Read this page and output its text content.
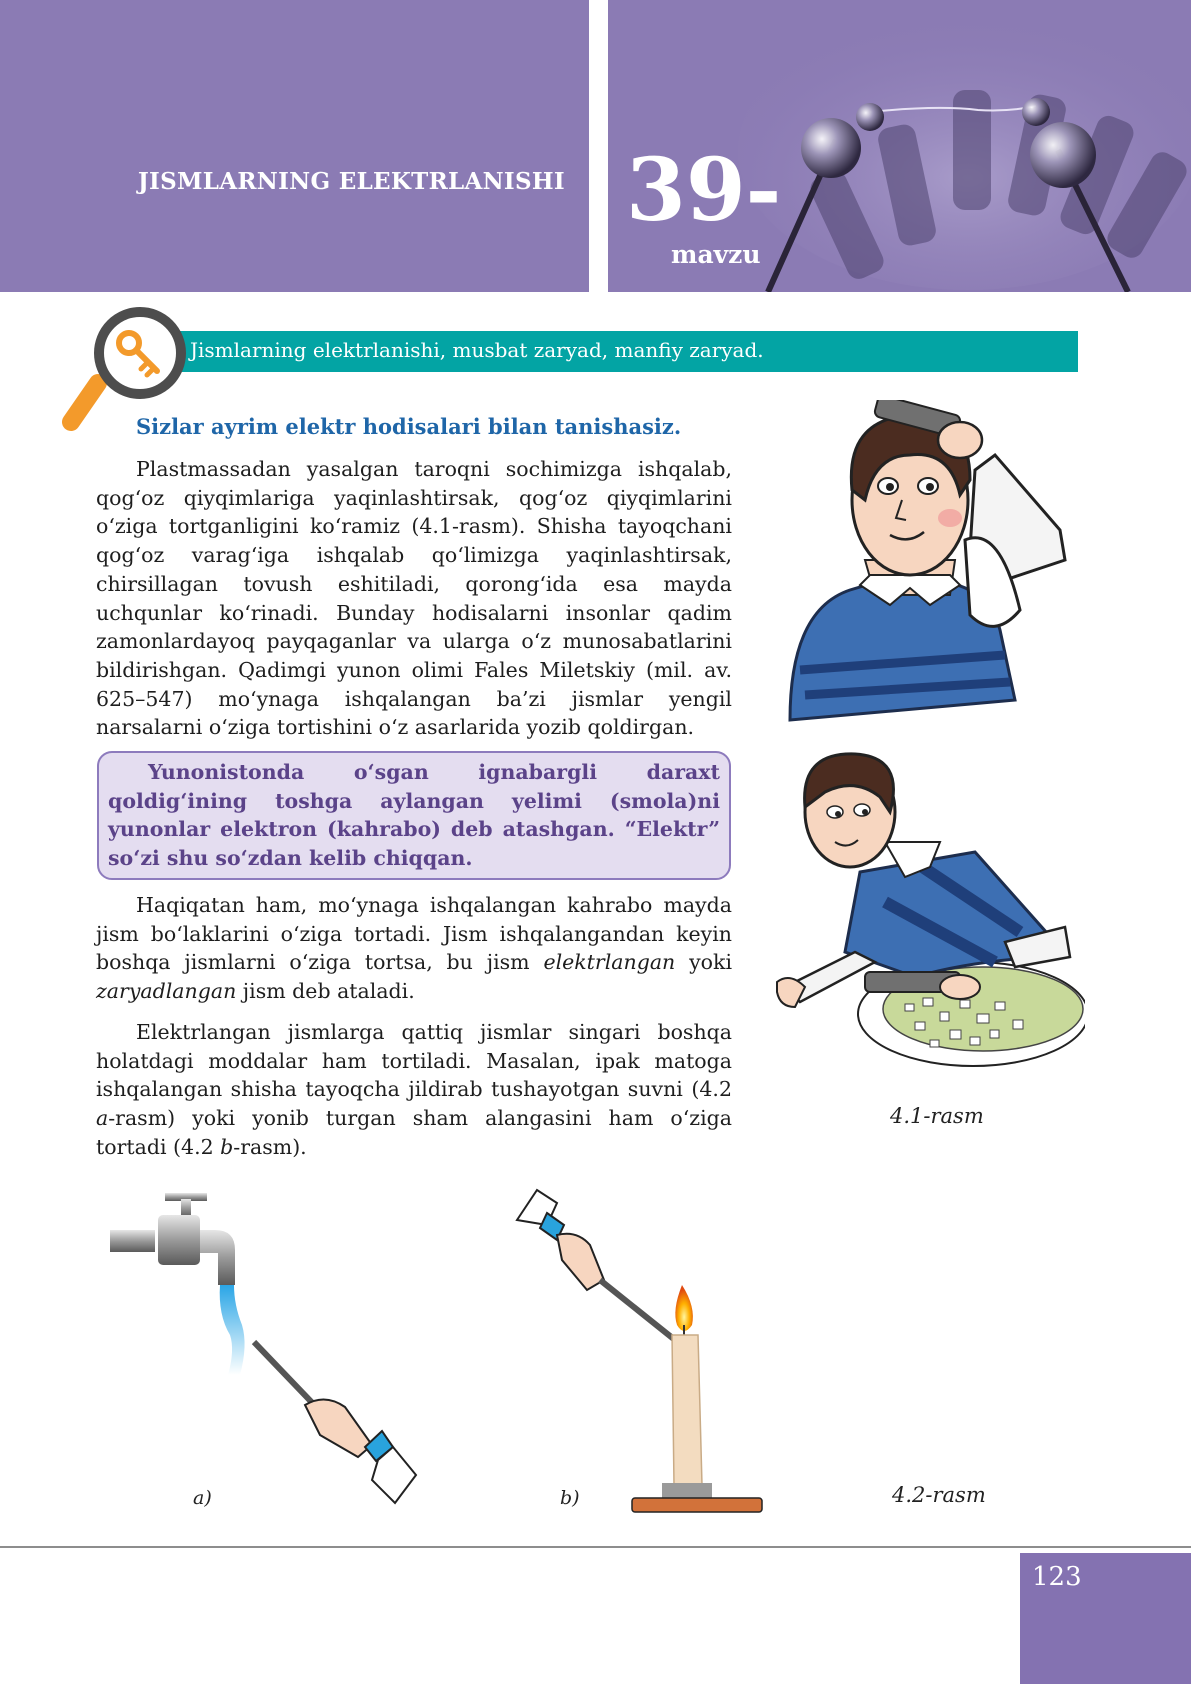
JISMLARNING ELEKTRLANISHI 39-
mavzu
Jismlarning elektrlanishi, musbat zaryad, manfiy zaryad.
Sizlar ayrim elektr hodisalari bilan tanishasiz.
Plastmassadan yasalgan taroqni sochimizga ishqalab, qog‘oz qiyqimlariga yaqinlashtirsak, qog‘oz qiyqimlarini o‘ziga tortganligini ko‘ramiz (4.1-rasm). Shisha tayoqchani qog‘oz varag‘iga ishqalab qo‘limizga yaqinlashtirsak, chirsillagan tovush eshitiladi, qorong‘ida esa mayda uchqunlar ko‘rinadi. Bunday hodisalarni insonlar qadim zamonlardayoq payqaganlar va ularga o‘z munosabatlarini bildirishgan. Qadimgi yunon olimi Fales Miletskiy (mil. av. 625–547) mo‘ynaga ishqalangan ba’zi jismlar yengil narsalarni o‘ziga tortishini o‘z asarlarida yozib qoldirgan.
Yunonistonda o‘sgan ignabargli daraxt qoldig‘ining toshga aylangan yelimi (smola)ni yunonlar elektron (kahrabo) deb atashgan. “Elektr” so‘zi shu so‘zdan kelib chiqqan.
Haqiqatan ham, mo‘ynaga ishqalangan kahrabo mayda jism bo‘laklarini o‘ziga tortadi. Jism ishqalangandan keyin boshqa jismlarni o‘ziga tortsa, bu jism elektrlangan yoki zaryadlangan jism deb ataladi.
Elektrlangan jismlarga qattiq jismlar singari boshqa holatdagi moddalar ham tortiladi. Masalan, ipak matoga ishqalangan shisha tayoqcha jildirab tushayotgan suvni (4.2 a-rasm) yoki yonib turgan sham alangasini ham o‘ziga tortadi (4.2 b-rasm).
4.1-rasm
a)	b)	4.2-rasm
123
